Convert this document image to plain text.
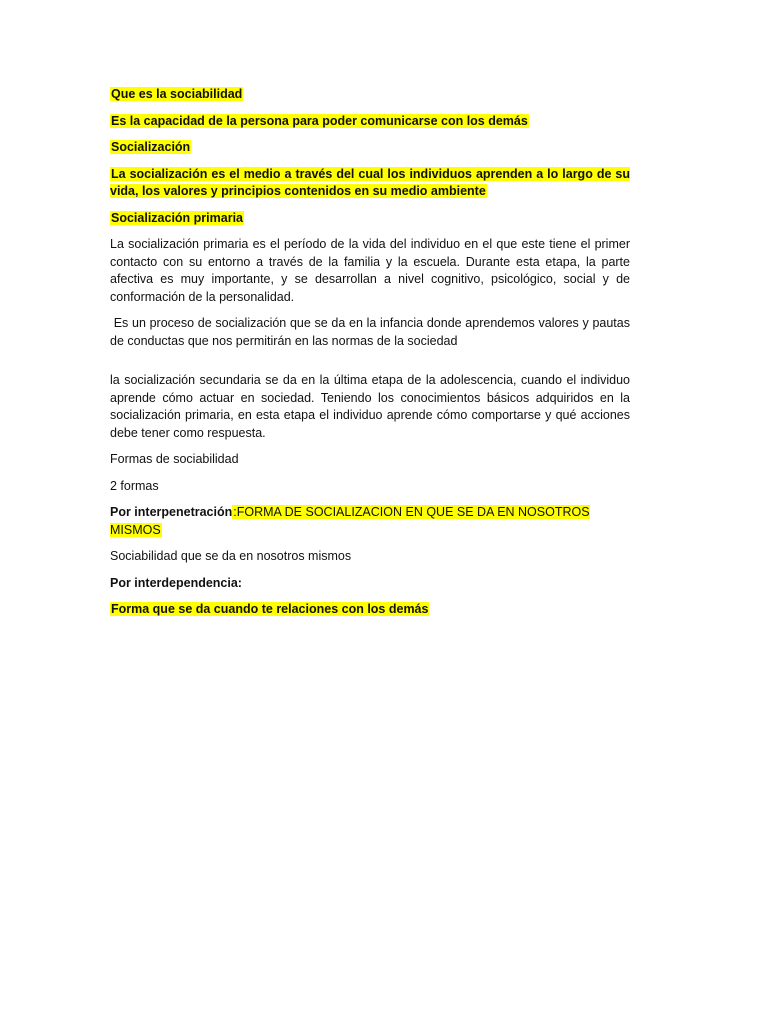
Que es la sociabilidad

Es la capacidad de la persona para poder comunicarse con los demás

Socialización

La socialización es el medio a través del cual los individuos aprenden a lo largo de su vida, los valores y principios contenidos en su medio ambiente

Socialización primaria

La socialización primaria es el período de la vida del individuo en el que este tiene el primer contacto con su entorno a través de la familia y la escuela. Durante esta etapa, la parte afectiva es muy importante, y se desarrollan a nivel cognitivo, psicológico, social y de conformación de la personalidad.

Es un proceso de socialización que se da en la infancia donde aprendemos valores y pautas de conductas que nos permitirán en las normas de la sociedad

la socialización secundaria se da en la última etapa de la adolescencia, cuando el individuo aprende cómo actuar en sociedad. Teniendo los conocimientos básicos adquiridos en la socialización primaria, en esta etapa el individuo aprende cómo comportarse y qué acciones debe tener como respuesta.

Formas de sociabilidad

2 formas

Por interpenetración:FORMA DE SOCIALIZACION EN QUE SE DA EN NOSOTROS MISMOS

Sociabilidad que se da en nosotros mismos

Por interdependencia:

Forma que se da cuando te relaciones con los demás
